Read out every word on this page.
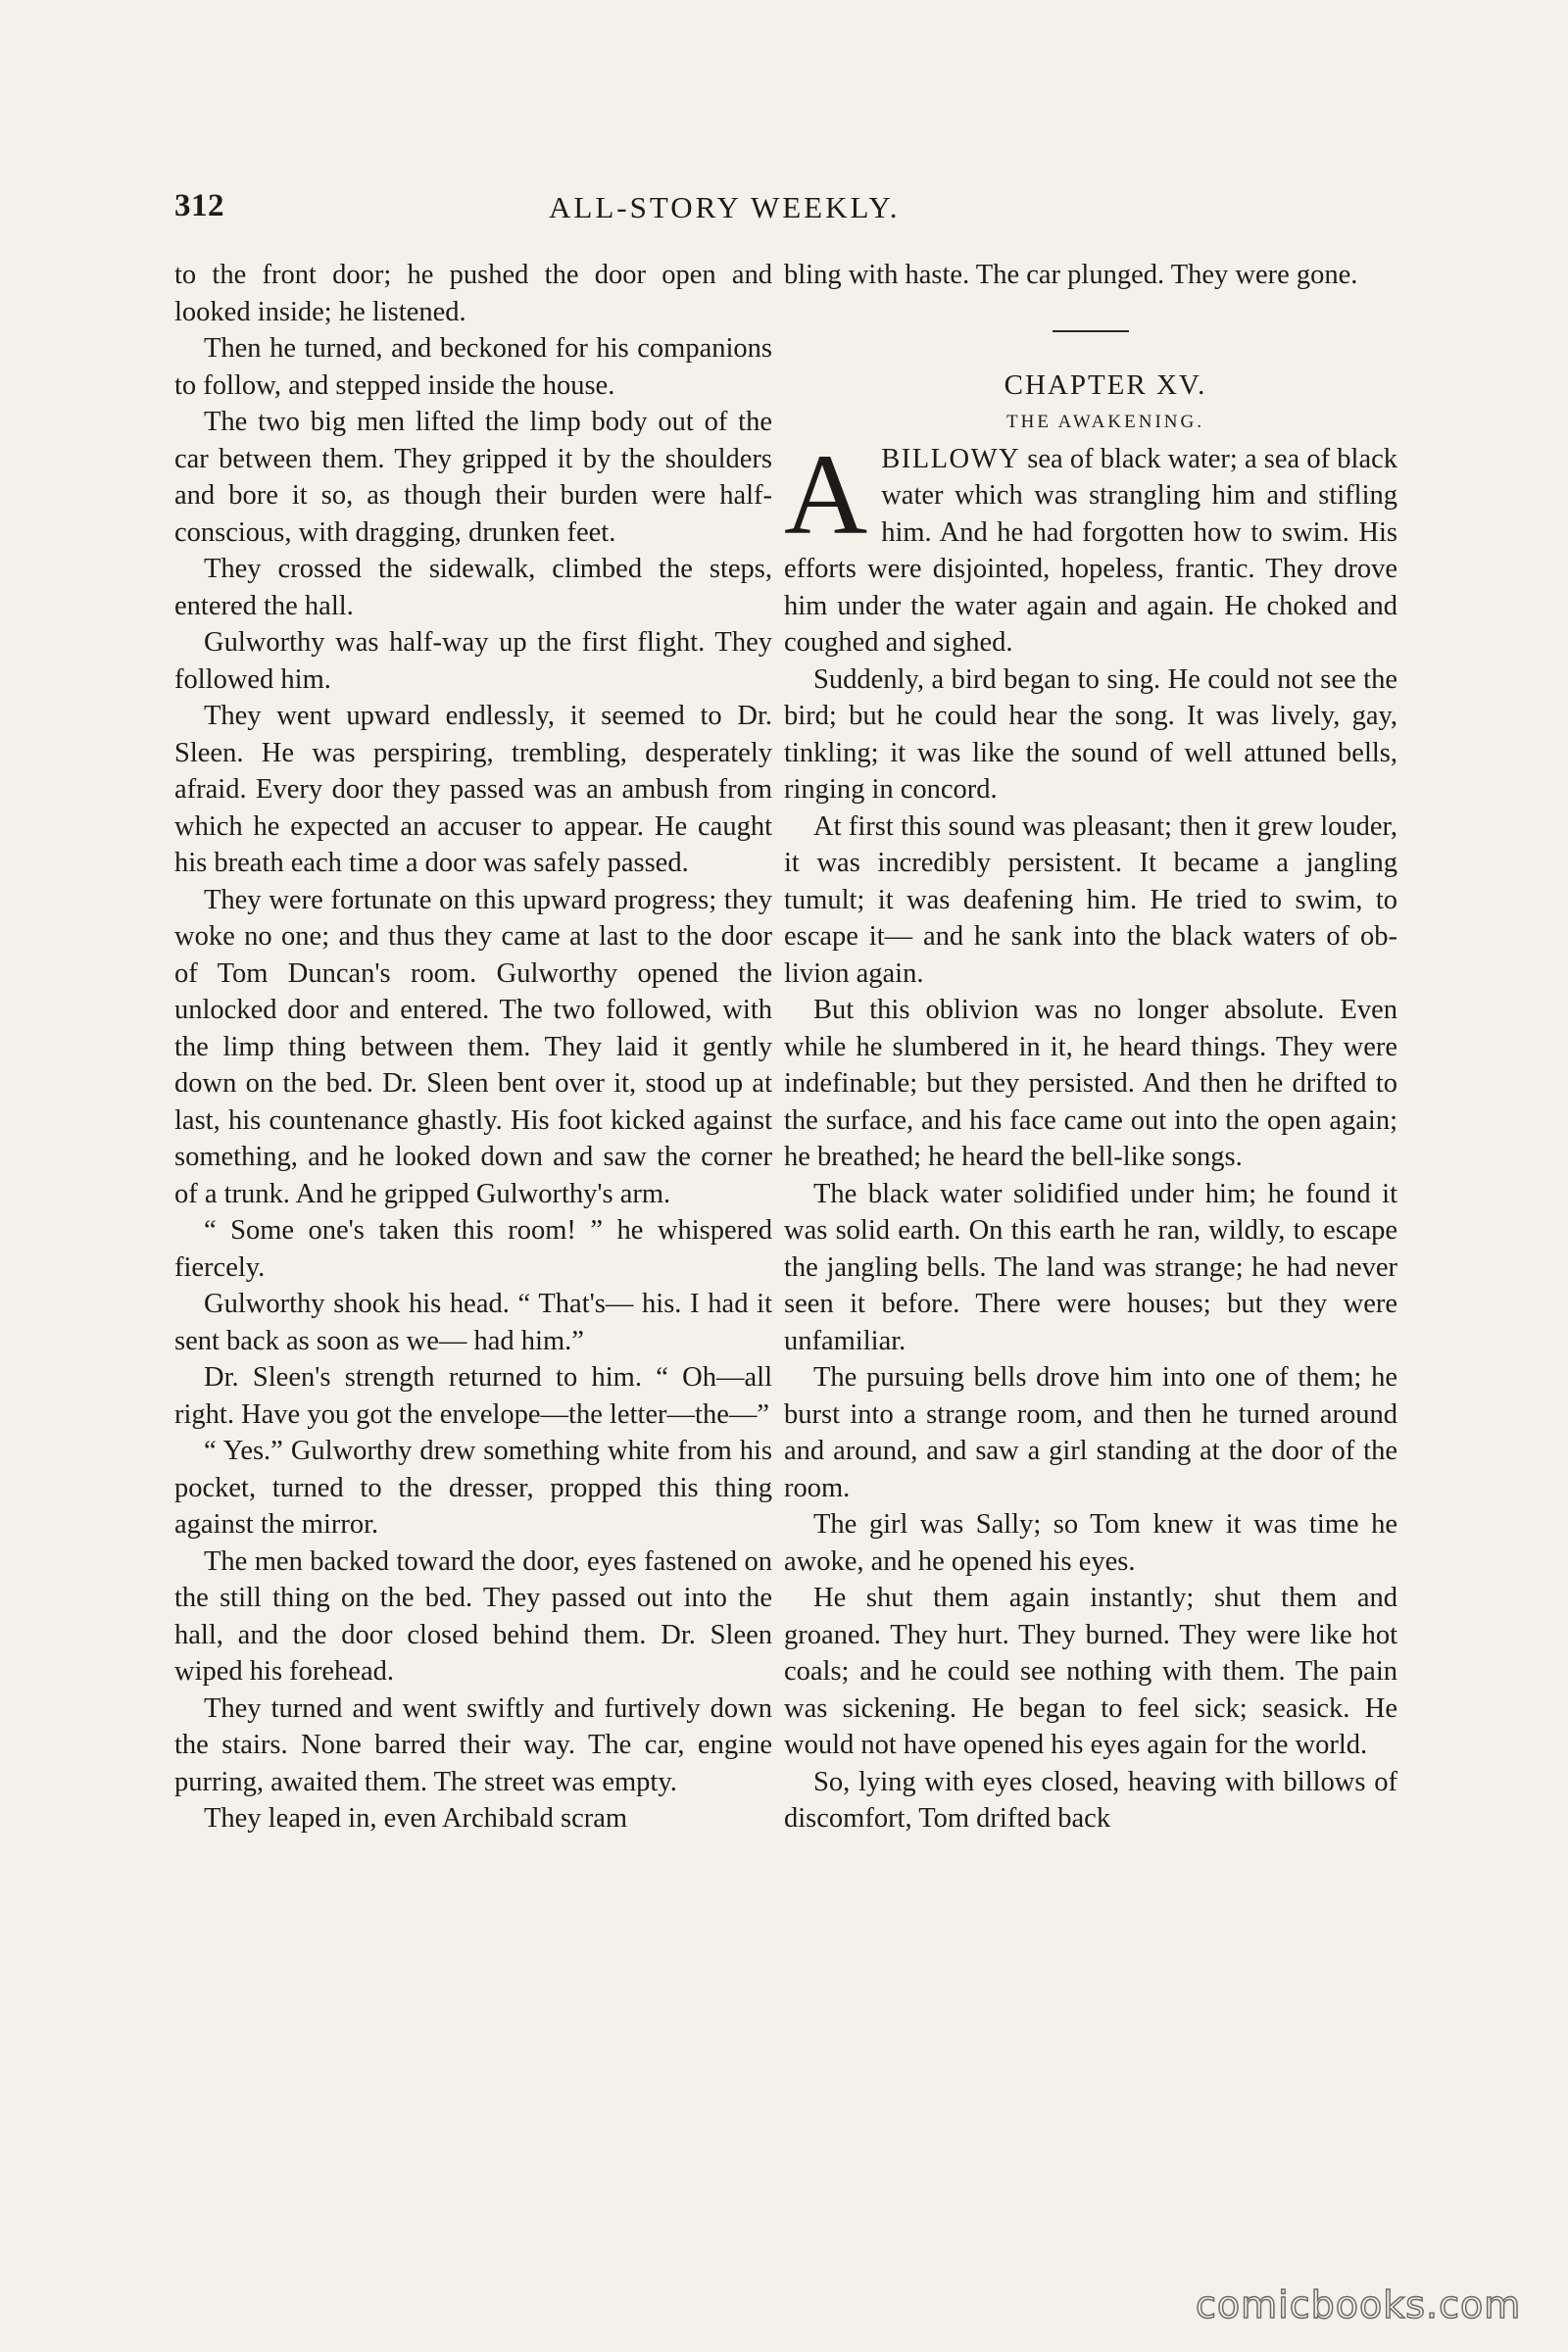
312	ALL-STORY WEEKLY.

to the front door; he pushed the door open and looked inside; he listened.

Then he turned, and beckoned for his companions to follow, and stepped inside the house.

The two big men lifted the limp body out of the car between them. They gripped it by the shoulders and bore it so, as though their burden were half-conscious, with dragging, drunken feet.

They crossed the sidewalk, climbed the steps, entered the hall.

Gulworthy was half-way up the first flight. They followed him.

They went upward endlessly, it seemed to Dr. Sleen. He was perspiring, trembling, desperately afraid. Every door they passed was an ambush from which he expected an accuser to appear. He caught his breath each time a door was safely passed.

They were fortunate on this upward progress; they woke no one; and thus they came at last to the door of Tom Duncan's room. Gulworthy opened the unlocked door and entered. The two followed, with the limp thing between them. They laid it gently down on the bed. Dr. Sleen bent over it, stood up at last, his countenance ghastly. His foot kicked against something, and he looked down and saw the corner of a trunk. And he gripped Gulworthy's arm.

“ Some one's taken this room! ” he whispered fiercely.

Gulworthy shook his head. “ That's— his. I had it sent back as soon as we— had him.”

Dr. Sleen's strength returned to him. “ Oh—all right. Have you got the envelope—the letter—the—”

“ Yes.” Gulworthy drew something white from his pocket, turned to the dresser, propped this thing against the mirror.

The men backed toward the door, eyes fastened on the still thing on the bed. They passed out into the hall, and the door closed behind them. Dr. Sleen wiped his forehead.

They turned and went swiftly and furtively down the stairs. None barred their way. The car, engine purring, awaited them. The street was empty.

They leaped in, even Archibald scram

bling with haste. The car plunged. They were gone.

CHAPTER XV.

THE AWAKENING.

ABILLOWY sea of black water; a sea of black water which was strangling him and stifling him. And he had forgotten how to swim. His efforts were disjointed, hopeless, frantic. They drove him under the water again and again. He choked and coughed and sighed.

Suddenly, a bird began to sing. He could not see the bird; but he could hear the song. It was lively, gay, tinkling; it was like the sound of well attuned bells, ringing in concord.

At first this sound was pleasant; then it grew louder, it was incredibly persistent. It became a jangling tumult; it was deafening him. He tried to swim, to escape it— and he sank into the black waters of oblivion again.

But this oblivion was no longer absolute. Even while he slumbered in it, he heard things. They were indefinable; but they persisted. And then he drifted to the surface, and his face came out into the open again; he breathed; he heard the bell-like songs.

The black water solidified under him; he found it was solid earth. On this earth he ran, wildly, to escape the jangling bells. The land was strange; he had never seen it before. There were houses; but they were unfamiliar.

The pursuing bells drove him into one of them; he burst into a strange room, and then he turned around and around, and saw a girl standing at the door of the room.

The girl was Sally; so Tom knew it was time he awoke, and he opened his eyes.

He shut them again instantly; shut them and groaned. They hurt. They burned. They were like hot coals; and he could see nothing with them. The pain was sickening. He began to feel sick; seasick. He would not have opened his eyes again for the world.

So, lying with eyes closed, heaving with billows of discomfort, Tom drifted back

comicbooks.com
